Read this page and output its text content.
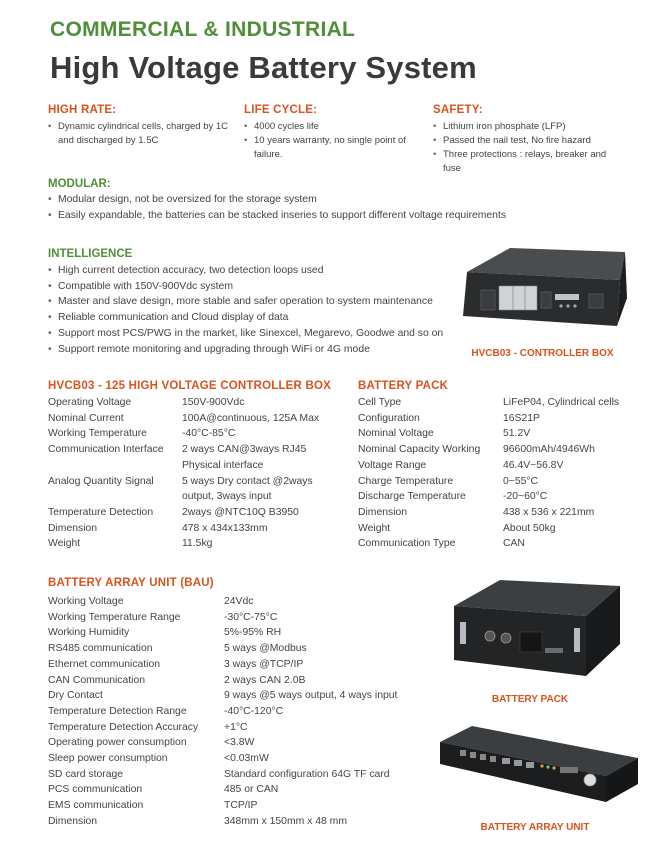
COMMERCIAL & INDUSTRIAL
High Voltage Battery System
HIGH RATE:
• Dynamic cylindrical cells, charged by 1C and discharged by 1.5C
LIFE CYCLE:
• 4000 cycles life
• 10 years warranty, no single point of failure.
SAFETY:
• Lithium iron phosphate (LFP)
• Passed the nail test, No fire hazard
• Three protections : relays, breaker and fuse
MODULAR:
• Modular design, not be oversized for the storage system
• Easily expandable, the batteries can be stacked inseries to support different voltage requirements
INTELLIGENCE
• High current detection accuracy, two detection loops used
• Compatible with 150V-900Vdc system
• Master and slave design, more stable and safer operation to system maintenance
• Reliable communication and Cloud display of data
• Support most PCS/PWG in the market, like Sinexcel, Megarevo, Goodwe and so on
• Support remote monitoring and upgrading through WiFi or 4G mode	HVCB03 - CONTROLLER BOX
HVCB03 - 125 HIGH VOLTAGE CONTROLLER BOX
Operating Voltage	150V-900Vdc
Nominal Current	100A@continuous, 125A Max
Working Temperature	-40°C-85°C
Communication Interface	2 ways CAN@3ways RJ45
Physical interface
Analog Quantity Signal	5 ways Dry contact @2ways
output, 3ways input
Temperature Detection	2ways @NTC10Q B3950
Dimension	478 x 434x133mm
Weight	11.5kg
BATTERY PACK
Cell Type	LiFeP04, Cylindrical cells
Configuration	16S21P
Nominal Voltage	51.2V
Nominal Capacity Working	96600mAh/4946Wh
Voltage Range	46.4V~56.8V
Charge Temperature	0~55°C
Discharge Temperature	-20~60°C
Dimension	438 x 536 x 221mm
Weight	About 50kg
Communication Type	CAN
BATTERY ARRAY UNIT (BAU)
Working Voltage	24Vdc
Working Temperature Range	-30°C-75°C
Working Humidity	5%-95% RH
RS485 communication	5 ways @Modbus
Ethernet communication	3 ways @TCP/IP
CAN Communication	2 ways CAN 2.0B
Dry Contact	9 ways @5 ways output, 4 ways input
Temperature Detection Range	-40°C-120°C
Temperature Detection Accuracy	+1°C
Operating power consumption	<3.8W
Sleep power consumption	<0.03mW
SD card storage	Standard configuration 64G TF card
PCS communication	485 or CAN
EMS communication	TCP/IP
Dimension	348mm x 150mm x 48 mm
BATTERY PACK
BATTERY ARRAY UNIT
